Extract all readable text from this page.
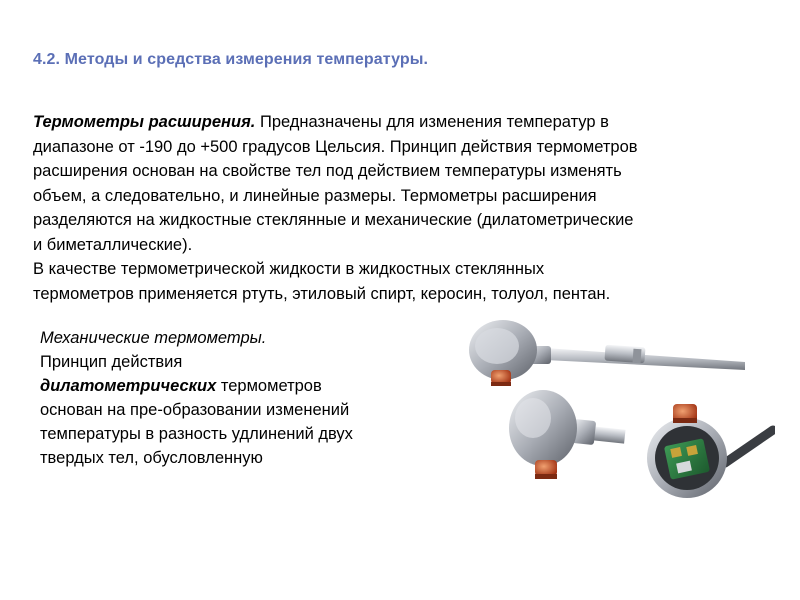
4.2. Методы и средства измерения температуры.
Термометры расширения. Предназначены для изменения температур в
диапазоне от -190 до +500 градусов Цельсия. Принцип действия термометров
расширения основан на свойстве тел под действием температуры изменять
объем, а следовательно, и линейные размеры. Термометры расширения
разделяются на жидкостные стеклянные и механические (дилатометрические
и биметаллические).
В качестве термометрической жидкости в жидкостных стеклянных
термометров применяется ртуть, этиловый спирт, керосин, толуол, пентан.
Механические термометры.
Принцип действия
дилатометрических термометров
основан на пре-образовании изменений
температуры в разность удлинений двух
твердых тел, обусловленную
